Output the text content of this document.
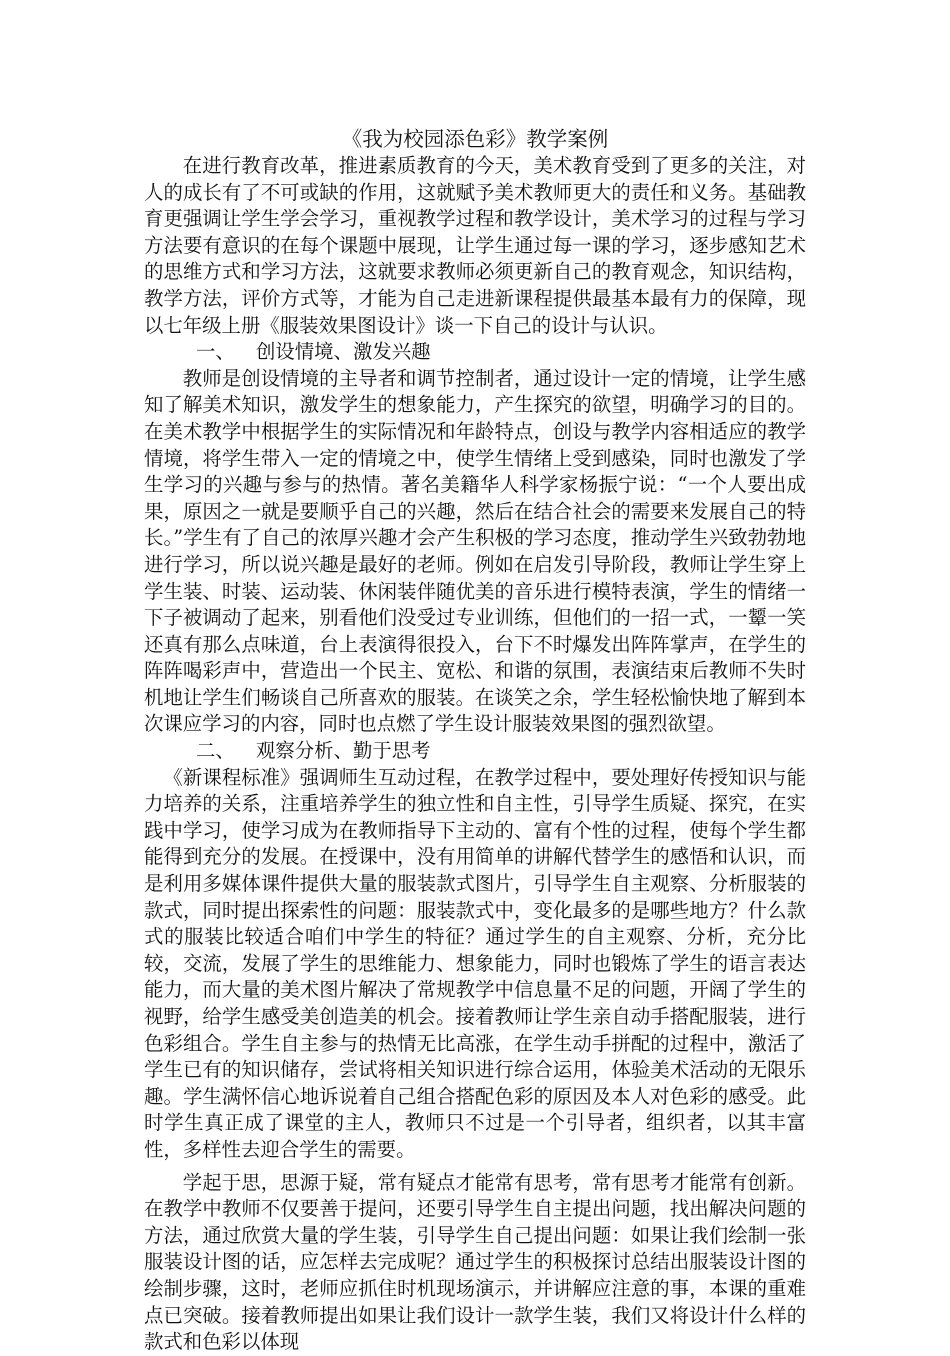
《我为校园添色彩》教学案例

在进行教育改革，推进素质教育的今天，美术教育受到了更多的关注，对人的成长有了不可或缺的作用，这就赋予美术教师更大的责任和义务。基础教育更强调让学生学会学习，重视教学过程和教学设计，美术学习的过程与学习方法要有意识的在每个课题中展现，让学生通过每一课的学习，逐步感知艺术的思维方式和学习方法，这就要求教师必须更新自己的教育观念，知识结构，教学方法，评价方式等，才能为自己走进新课程提供最基本最有力的保障，现以七年级上册《服装效果图设计》谈一下自己的设计与认识。

一、 创设情境、激发兴趣

教师是创设情境的主导者和调节控制者，通过设计一定的情境，让学生感知了解美术知识，激发学生的想象能力，产生探究的欲望，明确学习的目的。在美术教学中根据学生的实际情况和年龄特点，创设与教学内容相适应的教学情境，将学生带入一定的情境之中，使学生情绪上受到感染，同时也激发了学生学习的兴趣与参与的热情。著名美籍华人科学家杨振宁说：“一个人要出成果，原因之一就是要顺乎自己的兴趣，然后在结合社会的需要来发展自己的特长。”学生有了自己的浓厚兴趣才会产生积极的学习态度，推动学生兴致勃勃地进行学习，所以说兴趣是最好的老师。例如在启发引导阶段，教师让学生穿上学生装、时装、运动装、休闲装伴随优美的音乐进行模特表演，学生的情绪一下子被调动了起来，别看他们没受过专业训练，但他们的一招一式，一颦一笑还真有那么点味道，台上表演得很投入，台下不时爆发出阵阵掌声，在学生的阵阵喝彩声中，营造出一个民主、宽松、和谐的氛围，表演结束后教师不失时机地让学生们畅谈自己所喜欢的服装。在谈笑之余，学生轻松愉快地了解到本次课应学习的内容，同时也点燃了学生设计服装效果图的强烈欲望。

二、 观察分析、勤于思考

《新课程标准》强调师生互动过程，在教学过程中，要处理好传授知识与能力培养的关系，注重培养学生的独立性和自主性，引导学生质疑、探究，在实践中学习，使学习成为在教师指导下主动的、富有个性的过程，使每个学生都能得到充分的发展。在授课中，没有用简单的讲解代替学生的感悟和认识，而是利用多媒体课件提供大量的服装款式图片，引导学生自主观察、分析服装的款式，同时提出探索性的问题：服装款式中，变化最多的是哪些地方？什么款式的服装比较适合咱们中学生的特征？通过学生的自主观察、分析，充分比较，交流，发展了学生的思维能力、想象能力，同时也锻炼了学生的语言表达能力，而大量的美术图片解决了常规教学中信息量不足的问题，开阔了学生的视野，给学生感受美创造美的机会。接着教师让学生亲自动手搭配服装，进行色彩组合。学生自主参与的热情无比高涨，在学生动手拼配的过程中，激活了学生已有的知识储存，尝试将相关知识进行综合运用，体验美术活动的无限乐趣。学生满怀信心地诉说着自己组合搭配色彩的原因及本人对色彩的感受。此时学生真正成了课堂的主人，教师只不过是一个引导者，组织者，以其丰富性，多样性去迎合学生的需要。

学起于思，思源于疑，常有疑点才能常有思考，常有思考才能常有创新。在教学中教师不仅要善于提问，还要引导学生自主提出问题，找出解决问题的方法，通过欣赏大量的学生装，引导学生自己提出问题：如果让我们绘制一张服装设计图的话，应怎样去完成呢？通过学生的积极探讨总结出服装设计图的绘制步骤，这时，老师应抓住时机现场演示，并讲解应注意的事，本课的重难点已突破。接着教师提出如果让我们设计一款学生装，我们又将设计什么样的款式和色彩以体现
